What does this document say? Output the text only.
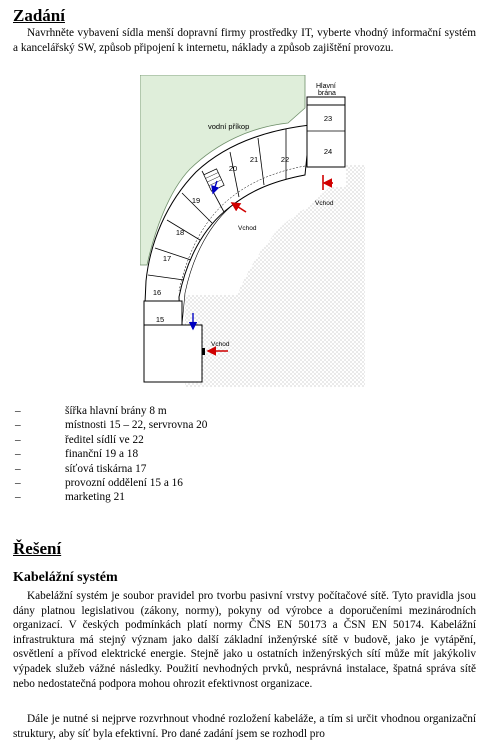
Zadání

Navrhněte vybavení sídla menší dopravní firmy prostředky IT, vyberte vhodný informační systém a kancelářský SW, způsob připojení k internetu, náklady a způsob zajištění provozu.

vodní příkop
15
16
17
18
19
20
21	22
23
24
Hlavní
brána
Vchod
Vchod
Vchod
–	šířka hlavní brány 8 m
–	místnosti 15 – 22, servrovna 20
–	ředitel sídlí ve 22
–	finanční 19 a 18
–	síťová tiskárna 17
–	provozní oddělení 15 a 16
–	marketing 21
Řešení
Kabelážní systém

Kabelážní systém je soubor pravidel pro tvorbu pasivní vrstvy počítačové sítě. Tyto pravidla jsou dány platnou legislativou (zákony, normy), pokyny od výrobce a doporučeními mezinárodních organizací. V českých podmínkách platí normy ČNS EN 50173 a ČSN EN 50174. Kabelážní infrastruktura má stejný význam jako další základní inženýrské sítě v budově, jako je vytápění, osvětlení a přívod elektrické energie. Stejně jako u ostatních inženýrských sítí může mít jakýkoliv výpadek služeb vážné následky. Použití nevhodných prvků, nesprávná instalace, špatná správa sítě nebo nedostatečná podpora mohou ohrozit efektivnost organizace.

Dále je nutné si nejprve rozvrhnout vhodné rozložení kabeláže, a tím si určit vhodnou organizační struktury, aby síť byla efektivní. Pro dané zadání jsem se rozhodl pro
